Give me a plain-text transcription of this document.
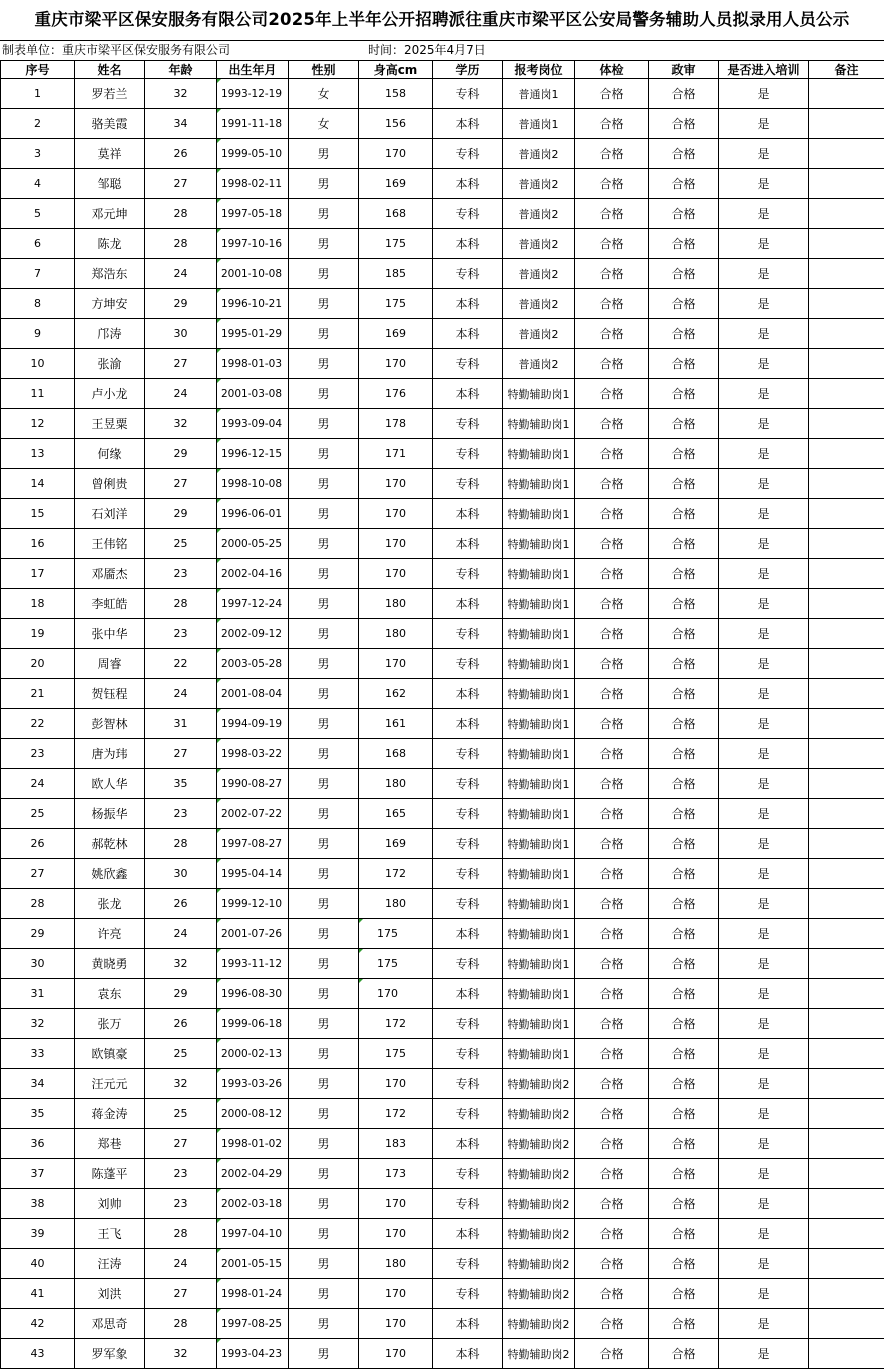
重庆市梁平区保安服务有限公司2025年上半年公开招聘派往重庆市梁平区公安局警务辅助人员拟录用人员公示
制表单位：重庆市梁平区保安服务有限公司	时间：2025年4月7日
序号	姓名	年龄	出生年月	性别	身高cm	学历	报考岗位	体检	政审	是否进入培训	备注
1	罗若兰	32	1993-12-19	女	158	专科	普通岗1	合格	合格	是	
2	骆美霞	34	1991-11-18	女	156	本科	普通岗1	合格	合格	是	
3	莫祥	26	1999-05-10	男	170	专科	普通岗2	合格	合格	是	
4	邹聪	27	1998-02-11	男	169	本科	普通岗2	合格	合格	是	
5	邓元坤	28	1997-05-18	男	168	专科	普通岗2	合格	合格	是	
6	陈龙	28	1997-10-16	男	175	本科	普通岗2	合格	合格	是	
7	郑浩东	24	2001-10-08	男	185	专科	普通岗2	合格	合格	是	
8	方坤安	29	1996-10-21	男	175	本科	普通岗2	合格	合格	是	
9	邝涛	30	1995-01-29	男	169	本科	普通岗2	合格	合格	是	
10	张渝	27	1998-01-03	男	170	专科	普通岗2	合格	合格	是	
11	卢小龙	24	2001-03-08	男	176	本科	特勤辅助岗1	合格	合格	是	
12	王昱粟	32	1993-09-04	男	178	专科	特勤辅助岗1	合格	合格	是	
13	何缘	29	1996-12-15	男	171	专科	特勤辅助岗1	合格	合格	是	
14	曾俐贵	27	1998-10-08	男	170	专科	特勤辅助岗1	合格	合格	是	
15	石刘洋	29	1996-06-01	男	170	本科	特勤辅助岗1	合格	合格	是	
16	王伟铭	25	2000-05-25	男	170	本科	特勤辅助岗1	合格	合格	是	
17	邓靥杰	23	2002-04-16	男	170	专科	特勤辅助岗1	合格	合格	是	
18	李虹皓	28	1997-12-24	男	180	本科	特勤辅助岗1	合格	合格	是	
19	张中华	23	2002-09-12	男	180	专科	特勤辅助岗1	合格	合格	是	
20	周睿	22	2003-05-28	男	170	专科	特勤辅助岗1	合格	合格	是	
21	贺钰程	24	2001-08-04	男	162	本科	特勤辅助岗1	合格	合格	是	
22	彭智林	31	1994-09-19	男	161	本科	特勤辅助岗1	合格	合格	是	
23	唐为玮	27	1998-03-22	男	168	专科	特勤辅助岗1	合格	合格	是	
24	欧人华	35	1990-08-27	男	180	专科	特勤辅助岗1	合格	合格	是	
25	杨振华	23	2002-07-22	男	165	专科	特勤辅助岗1	合格	合格	是	
26	郝乾林	28	1997-08-27	男	169	专科	特勤辅助岗1	合格	合格	是	
27	姚欣鑫	30	1995-04-14	男	172	专科	特勤辅助岗1	合格	合格	是	
28	张龙	26	1999-12-10	男	180	专科	特勤辅助岗1	合格	合格	是	
29	许亮	24	2001-07-26	男	175	本科	特勤辅助岗1	合格	合格	是	
30	黄晓勇	32	1993-11-12	男	175	专科	特勤辅助岗1	合格	合格	是	
31	袁东	29	1996-08-30	男	170	本科	特勤辅助岗1	合格	合格	是	
32	张万	26	1999-06-18	男	172	专科	特勤辅助岗1	合格	合格	是	
33	欧镇豪	25	2000-02-13	男	175	专科	特勤辅助岗1	合格	合格	是	
34	汪元元	32	1993-03-26	男	170	专科	特勤辅助岗2	合格	合格	是	
35	蒋金涛	25	2000-08-12	男	172	专科	特勤辅助岗2	合格	合格	是	
36	郑巷	27	1998-01-02	男	183	本科	特勤辅助岗2	合格	合格	是	
37	陈蓬平	23	2002-04-29	男	173	专科	特勤辅助岗2	合格	合格	是	
38	刘帅	23	2002-03-18	男	170	专科	特勤辅助岗2	合格	合格	是	
39	王飞	28	1997-04-10	男	170	本科	特勤辅助岗2	合格	合格	是	
40	汪涛	24	2001-05-15	男	180	专科	特勤辅助岗2	合格	合格	是	
41	刘洪	27	1998-01-24	男	170	专科	特勤辅助岗2	合格	合格	是	
42	邓思奇	28	1997-08-25	男	170	本科	特勤辅助岗2	合格	合格	是	
43	罗军象	32	1993-04-23	男	170	本科	特勤辅助岗2	合格	合格	是	
